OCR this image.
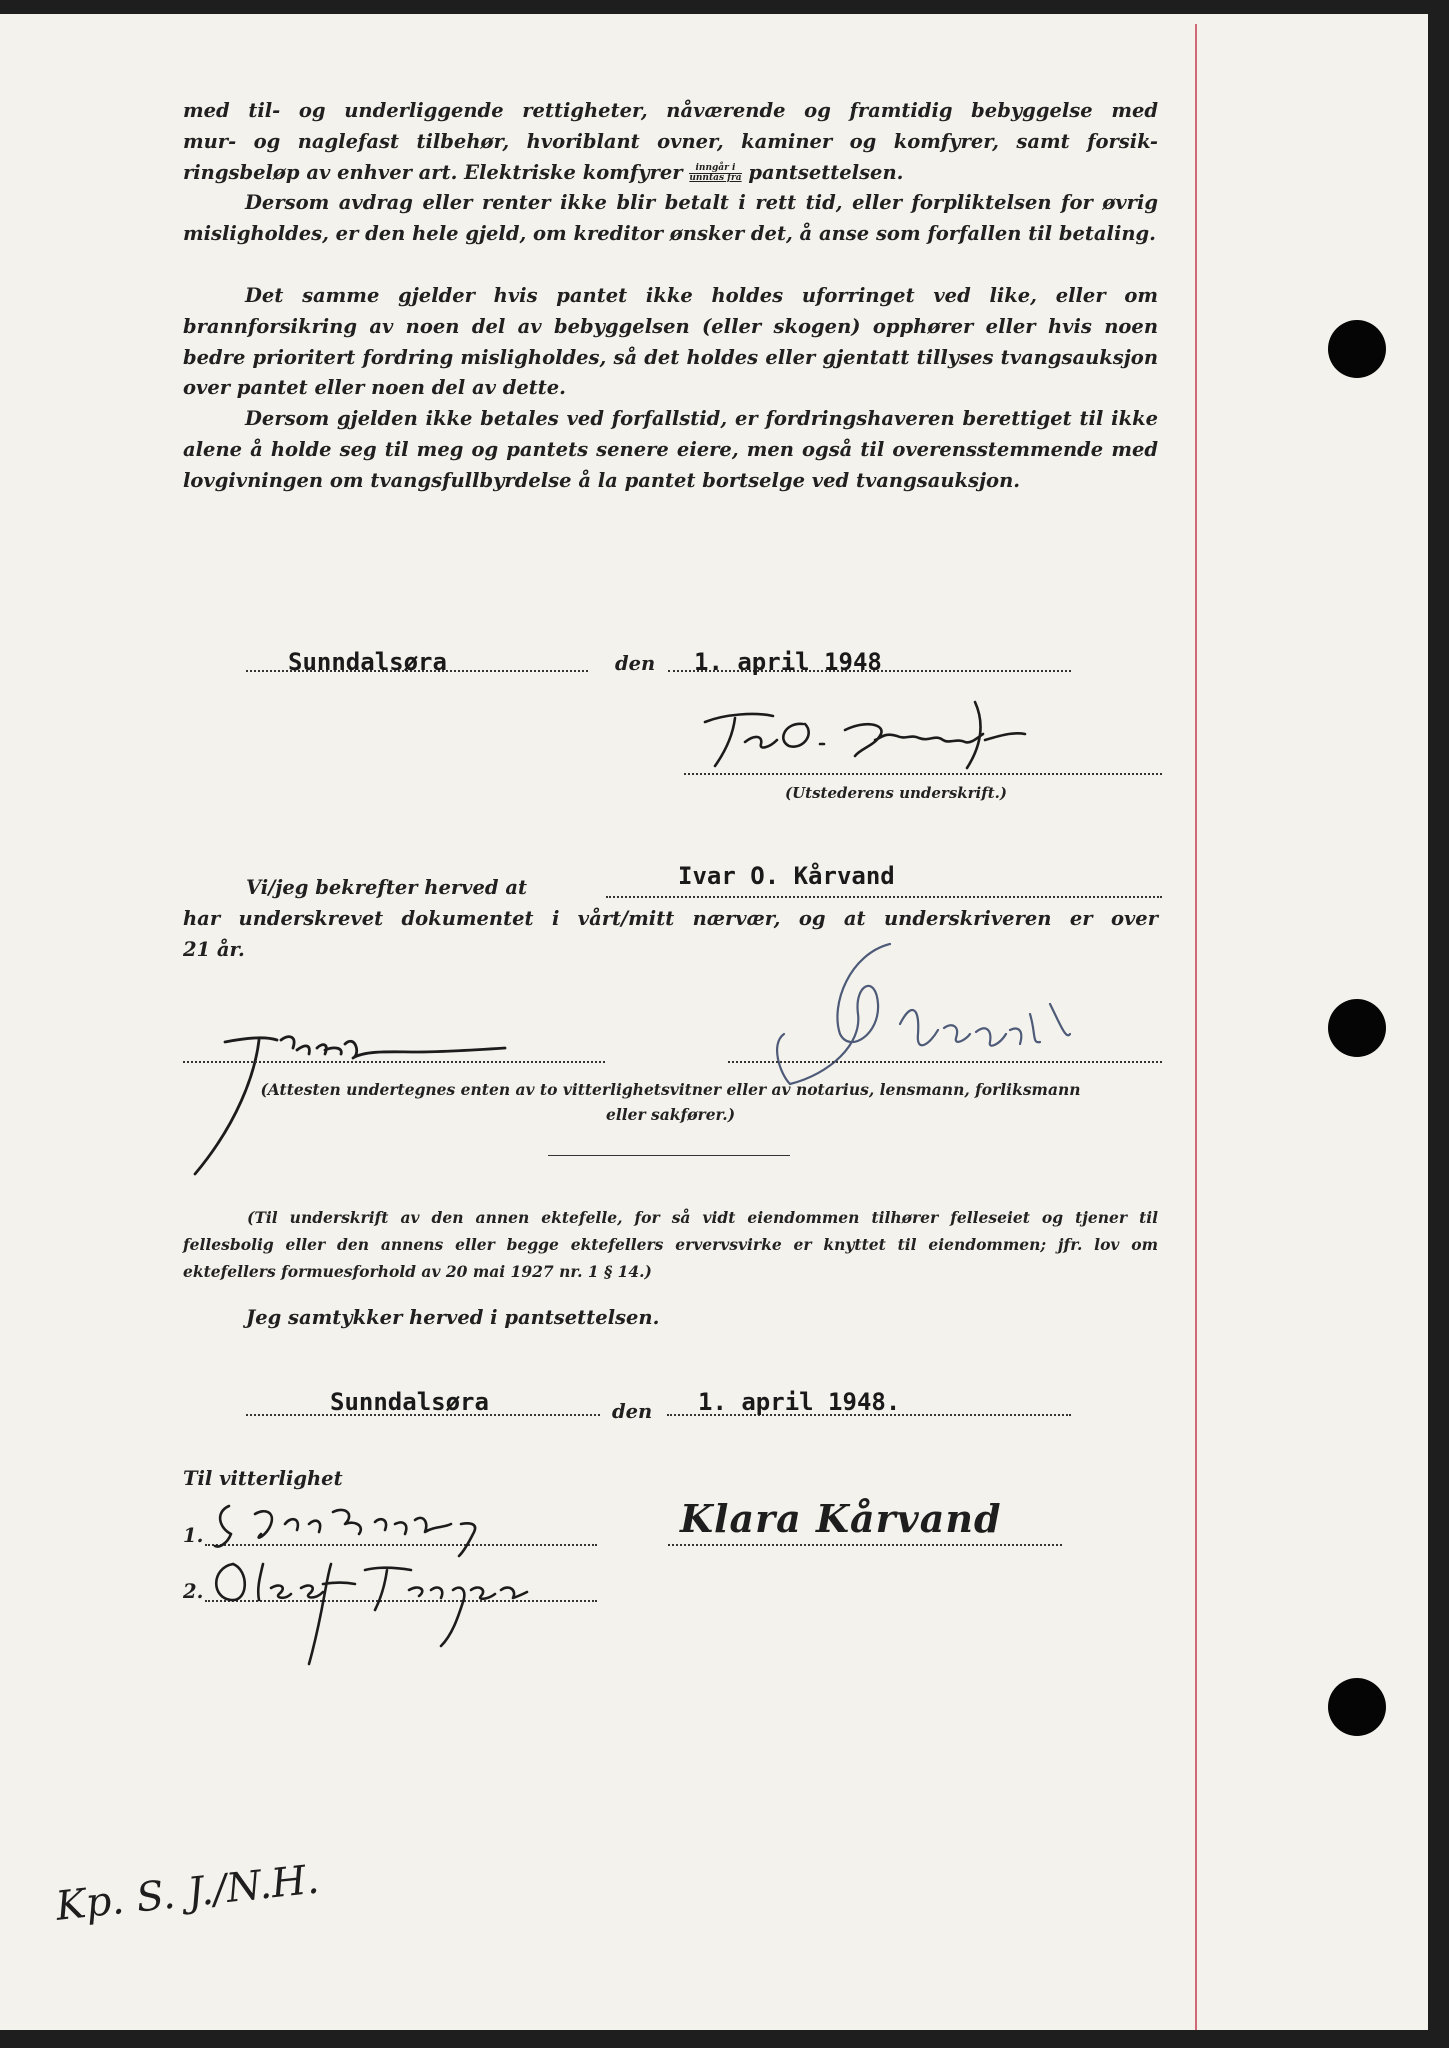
med til- og underliggende rettigheter, nåværende og framtidig bebyggelse med
mur- og naglefast tilbehør, hvoriblant ovner, kaminer og komfyrer, samt forsik-
ringsbeløp av enhver art. Elektriske komfyrer	inngår i
unntas fra pantsettelsen.

Dersom avdrag eller renter ikke blir betalt i rett tid, eller forpliktelsen for øvrig misligholdes, er den hele gjeld, om kreditor ønsker det, å anse som forfallen til betaling.

Det samme gjelder hvis pantet ikke holdes uforringet ved like, eller om brannforsikring av noen del av bebyggelsen (eller skogen) opphører eller hvis noen bedre prioritert fordring misligholdes, så det holdes eller gjentatt tillyses tvangsauksjon over pantet eller noen del av dette.

Dersom gjelden ikke betales ved forfallstid, er fordringshaveren berettiget til ikke alene å holde seg til meg og pantets senere eiere, men også til overensstemmende med lovgivningen om tvangsfullbyrdelse å la pantet bortselge ved tvangsauksjon.

Sunndalsøra	den 1. april 1948
(Utstederens underskrift.)
Vi/jeg bekrefter herved at	Ivar O. Kårvand
har underskrevet dokumentet i vårt/mitt nærvær, og at underskriveren er over
21 år.
(Attesten undertegnes enten av to vitterlighetsvitner eller av notarius, lensmann, forliksmann
eller sakfører.)

(Til underskrift av den annen ektefelle, for så vidt eiendommen tilhører felleseiet og tjener til fellesbolig eller den annens eller begge ektefellers ervervsvirke er knyttet til eiendommen; jfr. lov om ektefellers formuesforhold av 20 mai 1927 nr. 1 § 14.)

Jeg samtykker herved i pantsettelsen.
Sunndalsøra	den 1. april 1948.
Til vitterlighet
1.
2.
Klara Kårvand
Kp. S. J./N.H.
